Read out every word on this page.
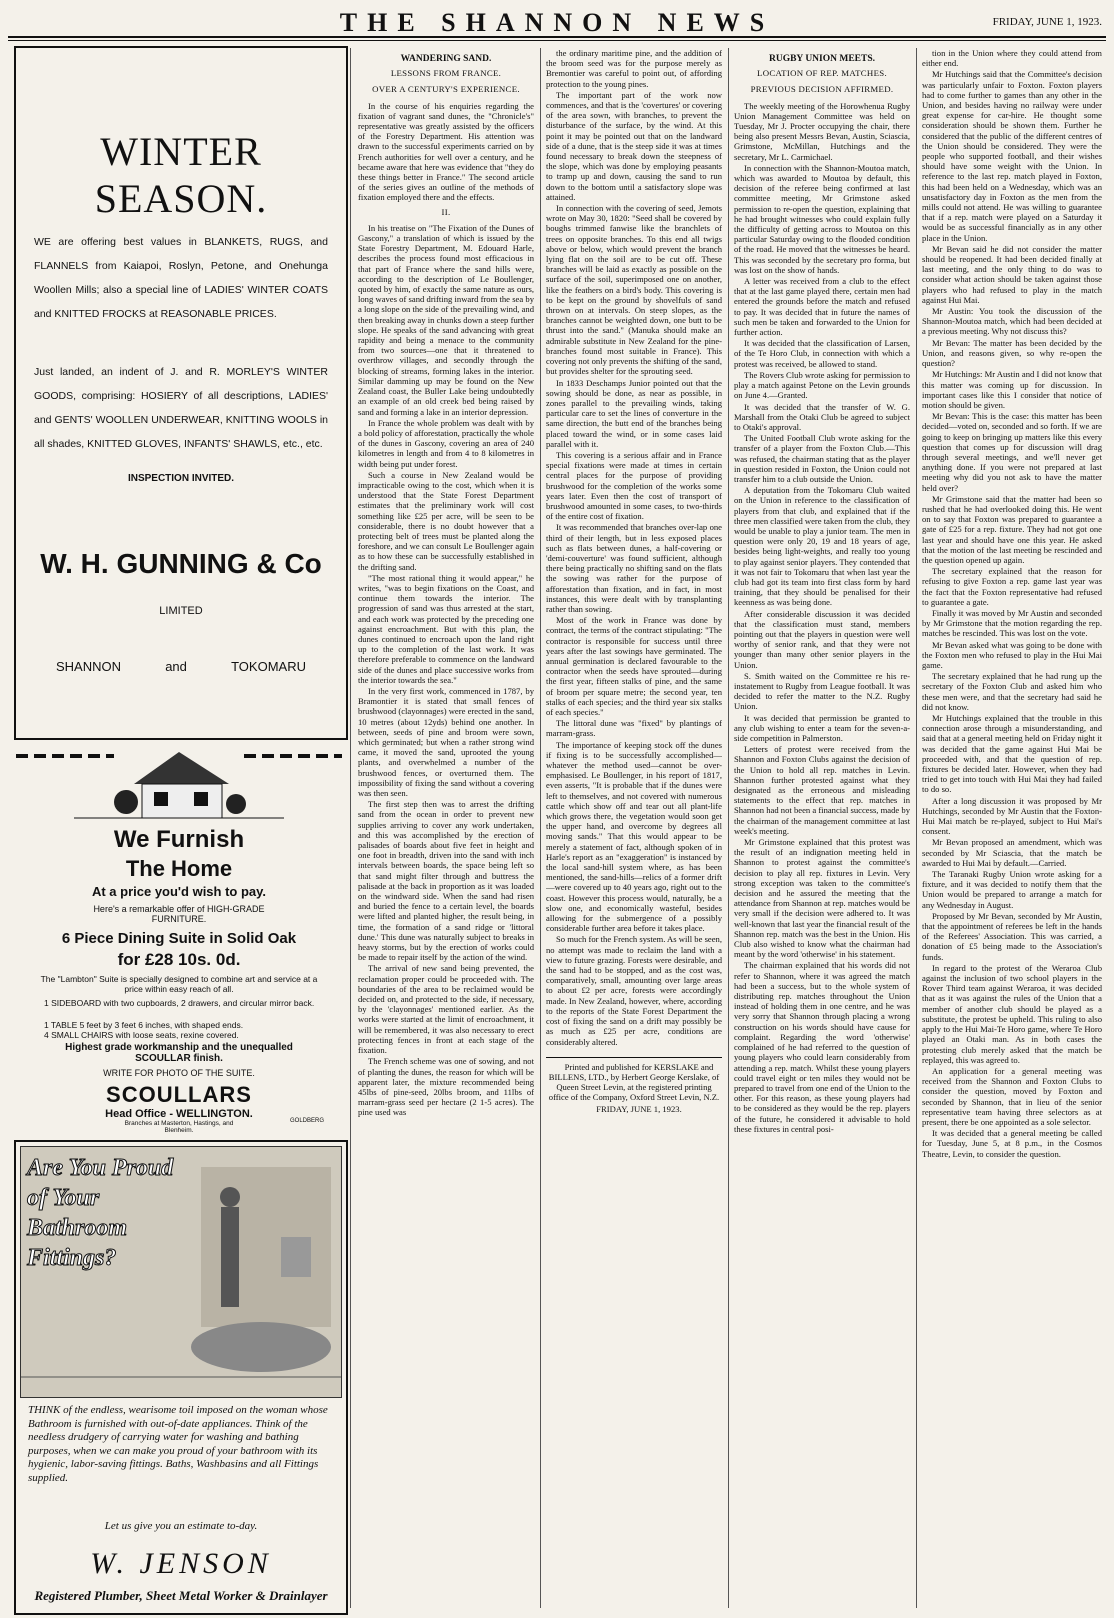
THE SHANNON NEWS	FRIDAY, JUNE 1, 1923.
WINTER SEASON.
WE are offering best values in BLANKETS, RUGS, and FLANNELS from Kaiapoi, Roslyn, Petone, and Onehunga Woollen Mills; also a special line of LADIES' WINTER COATS and KNITTED FROCKS at REASONABLE PRICES.
Just landed, an indent of J. and R. MORLEY'S WINTER GOODS, comprising: HOSIERY of all descriptions, LADIES' and GENTS' WOOLLEN UNDERWEAR, KNITTING WOOLS in all shades, KNITTED GLOVES, INFANTS' SHAWLS, etc., etc.
INSPECTION INVITED.
W. H. GUNNING & Co
LIMITED
SHANNON	and	TOKOMARU
We Furnish
The Home
At a price you'd wish to pay.
Here's a remarkable offer of HIGH-GRADE FURNITURE.
6 Piece Dining Suite in Solid Oak
for £28 10s. 0d.
The "Lambton" Suite is specially designed to combine art and service at a price within easy reach of all.
1 SIDEBOARD with two cupboards, 2 drawers, and circular mirror back.
1 TABLE 5 feet by 3 feet 6 inches, with shaped ends.
4 SMALL CHAIRS with loose seats, rexine covered.
Highest grade workmanship and the unequalled SCOULLAR finish.
WRITE FOR PHOTO OF THE SUITE.
SCOULLARS
Head Office - WELLINGTON.
Branches at Masterton, Hastings, and Blenheim.
GOLDBERG
Are You Proud of Your Bathroom Fittings?
THINK of the endless, wearisome toil imposed on the woman whose Bathroom is furnished with out-of-date appliances. Think of the needless drudgery of carrying water for washing and bathing purposes, when we can make you proud of your bathroom with its hygienic, labor-saving fittings. Baths, Washbasins and all Fittings supplied.
Let us give you an estimate to-day.
W. JENSON
Registered Plumber, Sheet Metal Worker & Drainlayer

WANDERING SAND.

LESSONS FROM FRANCE.

OVER A CENTURY'S EXPERIENCE.

In the course of his enquiries regarding the fixation of vagrant sand dunes, the "Chronicle's" representative was greatly assisted by the officers of the Forestry Department. His attention was drawn to the successful experiments carried on by French authorities for well over a century, and he became aware that here was evidence that "they do these things better in France." The second article of the series gives an outline of the methods of fixation employed there and the effects.

II.

In his treatise on "The Fixation of the Dunes of Gascony," a translation of which is issued by the State Forestry Department, M. Edouard Harle, describes the process found most efficacious in that part of France where the sand hills were, according to the description of Le Boullenger, quoted by him, of exactly the same nature as ours, long waves of sand drifting inward from the sea by a long slope on the side of the prevailing wind, and then breaking away in chunks down a steep further slope. He speaks of the sand advancing with great rapidity and being a menace to the community from two sources—one that it threatened to overthrow villages, and secondly through the blocking of streams, forming lakes in the interior. Similar damming up may be found on the New Zealand coast, the Buller Lake being undoubtedly an example of an old creek bed being raised by sand and forming a lake in an interior depression.

In France the whole problem was dealt with by a bold policy of afforestation, practically the whole of the dunes in Gascony, covering an area of 240 kilometres in length and from 4 to 8 kilometres in width being put under forest.

Such a course in New Zealand would be impracticable owing to the cost, which when it is understood that the State Forest Department estimates that the preliminary work will cost something like £25 per acre, will be seen to be considerable, there is no doubt however that a protecting belt of trees must be planted along the foreshore, and we can consult Le Boullenger again as to how these can be successfully established in the drifting sand.

"The most rational thing it would appear," he writes, "was to begin fixations on the Coast, and continue them towards the interior. The progression of sand was thus arrested at the start, and each work was protected by the preceding one against encroachment. But with this plan, the dunes continued to encroach upon the land right up to the completion of the last work. It was therefore preferable to commence on the landward side of the dunes and place successive works from the interior towards the sea."

In the very first work, commenced in 1787, by Bramontier it is stated that small fences of brushwood (clayonnages) were erected in the sand, 10 metres (about 12yds) behind one another. In between, seeds of pine and broom were sown, which germinated; but when a rather strong wind came, it moved the sand, uprooted the young plants, and overwhelmed a number of the brushwood fences, or overturned them. The impossibility of fixing the sand without a covering was then seen.

The first step then was to arrest the drifting sand from the ocean in order to prevent new supplies arriving to cover any work undertaken, and this was accomplished by the erection of palisades of boards about five feet in height and one foot in breadth, driven into the sand with inch intervals between boards, the space being left so that sand might filter through and buttress the palisade at the back in proportion as it was loaded on the windward side. When the sand had risen and buried the fence to a certain level, the boards were lifted and planted higher, the result being, in time, the formation of a sand ridge or 'littoral dune.' This dune was naturally subject to breaks in heavy storms, but by the erection of works could be made to repair itself by the action of the wind.

The arrival of new sand being prevented, the reclamation proper could be proceeded with. The boundaries of the area to be reclaimed would be decided on, and protected to the side, if necessary, by the 'clayonnages' mentioned earlier. As the works were started at the limit of encroachment, it will be remembered, it was also necessary to erect protecting fences in front at each stage of the fixation.

The French scheme was one of sowing, and not of planting the dunes, the reason for which will be apparent later, the mixture recommended being 45lbs of pine-seed, 20lbs broom, and 11lbs of marram-grass seed per hectare (2 1-5 acres). The pine used was

the ordinary maritime pine, and the addition of the broom seed was for the purpose merely as Bremontier was careful to point out, of affording protection to the young pines.

The important part of the work now commences, and that is the 'covertures' or covering of the area sown, with branches, to prevent the disturbance of the surface, by the wind. At this point it may be pointed out that on the landward side of a dune, that is the steep side it was at times found necessary to break down the steepness of the slope, which was done by employing peasants to tramp up and down, causing the sand to run down to the bottom until a satisfactory slope was attained.

In connection with the covering of seed, Jemots wrote on May 30, 1820: "Seed shall be covered by boughs trimmed fanwise like the branchlets of trees on opposite branches. To this end all twigs above or below, which would prevent the branch lying flat on the soil are to be cut off. These branches will be laid as exactly as possible on the surface of the soil, superimposed one on another, like the feathers on a bird's body. This covering is to be kept on the ground by shovelfuls of sand thrown on at intervals. On steep slopes, as the branches cannot be weighted down, one butt to be thrust into the sand." (Manuka should make an admirable substitute in New Zealand for the pine-branches found most suitable in France). This covering not only prevents the shifting of the sand, but provides shelter for the sprouting seed.

In 1833 Deschamps Junior pointed out that the sowing should be done, as near as possible, in zones parallel to the prevailing winds, taking particular care to set the lines of converture in the same direction, the butt end of the branches being placed toward the wind, or in some cases laid parallel with it.

This covering is a serious affair and in France special fixations were made at times in certain central places for the purpose of providing brushwood for the completion of the works some years later. Even then the cost of transport of brushwood amounted in some cases, to two-thirds of the entire cost of fixation.

It was recommended that branches over-lap one third of their length, but in less exposed places such as flats between dunes, a half-covering or 'demi-couverture' was found sufficient, although there being practically no shifting sand on the flats the sowing was rather for the purpose of afforestation than fixation, and in fact, in most instances, this were dealt with by transplanting rather than sowing.

Most of the work in France was done by contract, the terms of the contract stipulating: "The contractor is responsible for success until three years after the last sowings have germinated. The annual germination is declared favourable to the contractor when the seeds have sprouted—during the first year, fifteen stalks of pine, and the same of broom per square metre; the second year, ten stalks of each species; and the third year six stalks of each species."

The littoral dune was "fixed" by plantings of marram-grass.

The importance of keeping stock off the dunes if fixing is to be successfully accomplished—whatever the method used—cannot be over-emphasised. Le Boullenger, in his report of 1817, even asserts, "It is probable that if the dunes were left to themselves, and not covered with numerous cattle which show off and tear out all plant-life which grows there, the vegetation would soon get the upper hand, and overcome by degrees all moving sands." That this would appear to be merely a statement of fact, although spoken of in Harle's report as an "exaggeration" is instanced by the local sand-hill system where, as has been mentioned, the sand-hills—relics of a former drift—were covered up to 40 years ago, right out to the coast. However this process would, naturally, be a slow one, and economically wasteful, besides allowing for the submergence of a possibly considerable further area before it takes place.

So much for the French system. As will be seen, no attempt was made to reclaim the land with a view to future grazing. Forests were desirable, and the sand had to be stopped, and as the cost was, comparatively, small, amounting over large areas to about £2 per acre, forests were accordingly made. In New Zealand, however, where, according to the reports of the State Forest Department the cost of fixing the sand on a drift may possibly be as much as £25 per acre, conditions are considerably altered.

Printed and published for KERSLAKE and BILLENS, LTD., by Herbert George Kerslake, of Queen Street Levin, at the registered printing office of the Company, Oxford Street Levin, N.Z.

FRIDAY, JUNE 1, 1923.

RUGBY UNION MEETS.

LOCATION OF REP. MATCHES.

PREVIOUS DECISION AFFIRMED.

The weekly meeting of the Horowhenua Rugby Union Management Committee was held on Tuesday, Mr J. Procter occupying the chair, there being also present Messrs Bevan, Austin, Sciascia, Grimstone, McMillan, Hutchings and the secretary, Mr L. Carmichael.

In connection with the Shannon-Moutoa match, which was awarded to Moutoa by default, this decision of the referee being confirmed at last committee meeting, Mr Grimstone asked permission to re-open the question, explaining that he had brought witnesses who could explain fully the difficulty of getting across to Moutoa on this particular Saturday owing to the flooded condition of the road. He moved that the witnesses be heard. This was seconded by the secretary pro forma, but was lost on the show of hands.

A letter was received from a club to the effect that at the last game played there, certain men had entered the grounds before the match and refused to pay. It was decided that in future the names of such men be taken and forwarded to the Union for further action.

It was decided that the classification of Larsen, of the Te Horo Club, in connection with which a protest was received, be allowed to stand.

The Rovers Club wrote asking for permission to play a match against Petone on the Levin grounds on June 4.—Granted.

It was decided that the transfer of W. G. Marshall from the Otaki Club be agreed to subject to Otaki's approval.

The United Football Club wrote asking for the transfer of a player from the Foxton Club.—This was refused, the chairman stating that as the player in question resided in Foxton, the Union could not transfer him to a club outside the Union.

A deputation from the Tokomaru Club waited on the Union in reference to the classification of players from that club, and explained that if the three men classified were taken from the club, they would be unable to play a junior team. The men in question were only 20, 19 and 18 years of age, besides being light-weights, and really too young to play against senior players. They contended that it was not fair to Tokomaru that when last year the club had got its team into first class form by hard training, that they should be penalised for their keenness as was being done.

After considerable discussion it was decided that the classification must stand, members pointing out that the players in question were well worthy of senior rank, and that they were not younger than many other senior players in the Union.

S. Smith waited on the Committee re his re-instatement to Rugby from League football. It was decided to refer the matter to the N.Z. Rugby Union.

It was decided that permission be granted to any club wishing to enter a team for the seven-a-side competition in Palmerston.

Letters of protest were received from the Shannon and Foxton Clubs against the decision of the Union to hold all rep. matches in Levin. Shannon further protested against what they designated as the erroneous and misleading statements to the effect that rep. matches in Shannon had not been a financial success, made by the chairman of the management committee at last week's meeting.

Mr Grimstone explained that this protest was the result of an indignation meeting held in Shannon to protest against the committee's decision to play all rep. fixtures in Levin. Very strong exception was taken to the committee's decision and he assured the meeting that the attendance from Shannon at rep. matches would be very small if the decision were adhered to. It was well-known that last year the financial result of the Shannon rep. match was the best in the Union. His Club also wished to know what the chairman had meant by the word 'otherwise' in his statement.

The chairman explained that his words did not refer to Shannon, where it was agreed the match had been a success, but to the whole system of distributing rep. matches throughout the Union instead of holding them in one centre, and he was very sorry that Shannon through placing a wrong construction on his words should have cause for complaint. Regarding the word 'otherwise' complained of he had referred to the question of young players who could learn considerably from attending a rep. match. Whilst these young players could travel eight or ten miles they would not be prepared to travel from one end of the Union to the other. For this reason, as these young players had to be considered as they would be the rep. players of the future, he considered it advisable to hold these fixtures in central posi-

tion in the Union where they could attend from either end.

Mr Hutchings said that the Committee's decision was particularly unfair to Foxton. Foxton players had to come further to games than any other in the Union, and besides having no railway were under great expense for car-hire. He thought some consideration should be shown them. Further he considered that the public of the different centres of the Union should be considered. They were the people who supported football, and their wishes should have some weight with the Union. In reference to the last rep. match played in Foxton, this had been held on a Wednesday, which was an unsatisfactory day in Foxton as the men from the mills could not attend. He was willing to guarantee that if a rep. match were played on a Saturday it would be as successful financially as in any other place in the Union.

Mr Bevan said he did not consider the matter should be reopened. It had been decided finally at last meeting, and the only thing to do was to consider what action should be taken against those players who had refused to play in the match against Hui Mai.

Mr Austin: You took the discussion of the Shannon-Moutoa match, which had been decided at a previous meeting. Why not discuss this?

Mr Bevan: The matter has been decided by the Union, and reasons given, so why re-open the question?

Mr Hutchings: Mr Austin and I did not know that this matter was coming up for discussion. In important cases like this I consider that notice of motion should be given.

Mr Bevan: This is the case: this matter has been decided—voted on, seconded and so forth. If we are going to keep on bringing up matters like this every question that comes up for discussion will drag through several meetings, and we'll never get anything done. If you were not prepared at last meeting why did you not ask to have the matter held over?

Mr Grimstone said that the matter had been so rushed that he had overlooked doing this. He went on to say that Foxton was prepared to guarantee a gate of £25 for a rep. fixture. They had not got one last year and should have one this year. He asked that the motion of the last meeting be rescinded and the question opened up again.

The secretary explained that the reason for refusing to give Foxton a rep. game last year was the fact that the Foxton representative had refused to guarantee a gate.

Finally it was moved by Mr Austin and seconded by Mr Grimstone that the motion regarding the rep. matches be rescinded. This was lost on the vote.

Mr Bevan asked what was going to be done with the Foxton men who refused to play in the Hui Mai game.

The secretary explained that he had rung up the secretary of the Foxton Club and asked him who these men were, and that the secretary had said he did not know.

Mr Hutchings explained that the trouble in this connection arose through a misunderstanding, and said that at a general meeting held on Friday night it was decided that the game against Hui Mai be proceeded with, and that the question of rep. fixtures be decided later. However, when they had tried to get into touch with Hui Mai they had failed to do so.

After a long discussion it was proposed by Mr Hutchings, seconded by Mr Austin that the Foxton-Hui Mai match be re-played, subject to Hui Mai's consent.

Mr Bevan proposed an amendment, which was seconded by Mr Sciascia, that the match be awarded to Hui Mai by default.—Carried.

The Taranaki Rugby Union wrote asking for a fixture, and it was decided to notify them that the Union would be prepared to arrange a match for any Wednesday in August.

Proposed by Mr Bevan, seconded by Mr Austin, that the appointment of referees be left in the hands of the Referees' Association. This was carried, a donation of £5 being made to the Association's funds.

In regard to the protest of the Weraroa Club against the inclusion of two school players in the Rover Third team against Weraroa, it was decided that as it was against the rules of the Union that a member of another club should be played as a substitute, the protest be upheld. This ruling to also apply to the Hui Mai-Te Horo game, where Te Horo played an Otaki man. As in both cases the protesting club merely asked that the match be replayed, this was agreed to.

An application for a general meeting was received from the Shannon and Foxton Clubs to consider the question, moved by Foxton and seconded by Shannon, that in lieu of the senior representative team having three selectors as at present, there be one appointed as a sole selector.

It was decided that a general meeting be called for Tuesday, June 5, at 8 p.m., in the Cosmos Theatre, Levin, to consider the question.
